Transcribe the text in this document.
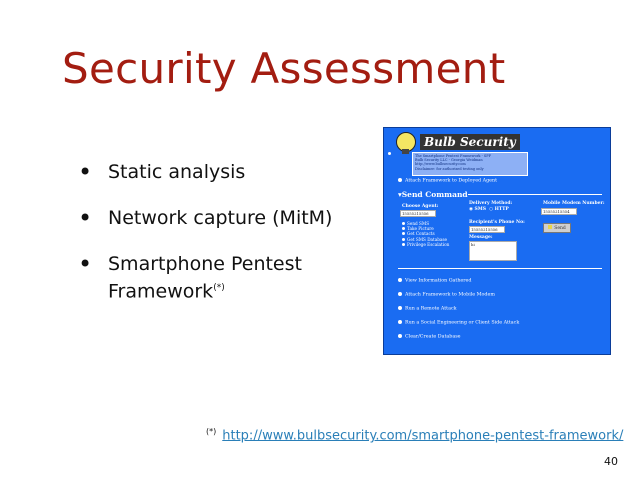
Security Assessment
• Static analysis
• Network capture (MitM)
• Smartphone Pentest Framework(*)
Bulb Security
The Smartphone Pentest Framework - SPF
Bulb Security LLC - Georgia Weidman
http://www.bulbsecurity.com
Disclaimer: for authorized testing only
Attach Framework to Deployed Agent
▾Send Command
Choose Agent:
15555215556
Delivery Method:
◉ SMS ○ HTTP
Mobile Modem Number:
15555215554
Send SMS
Take Picture
Get Contacts
Get SMS Database
Privilege Escalation
Recipient's Phone No:
15555215556
Message:
hi
Send
View Information Gathered
Attach Framework to Mobile Modem
Run a Remote Attack
Run a Social Engineering or Client Side Attack
Clear/Create Database
(*) http://www.bulbsecurity.com/smartphone-pentest-framework/
40
